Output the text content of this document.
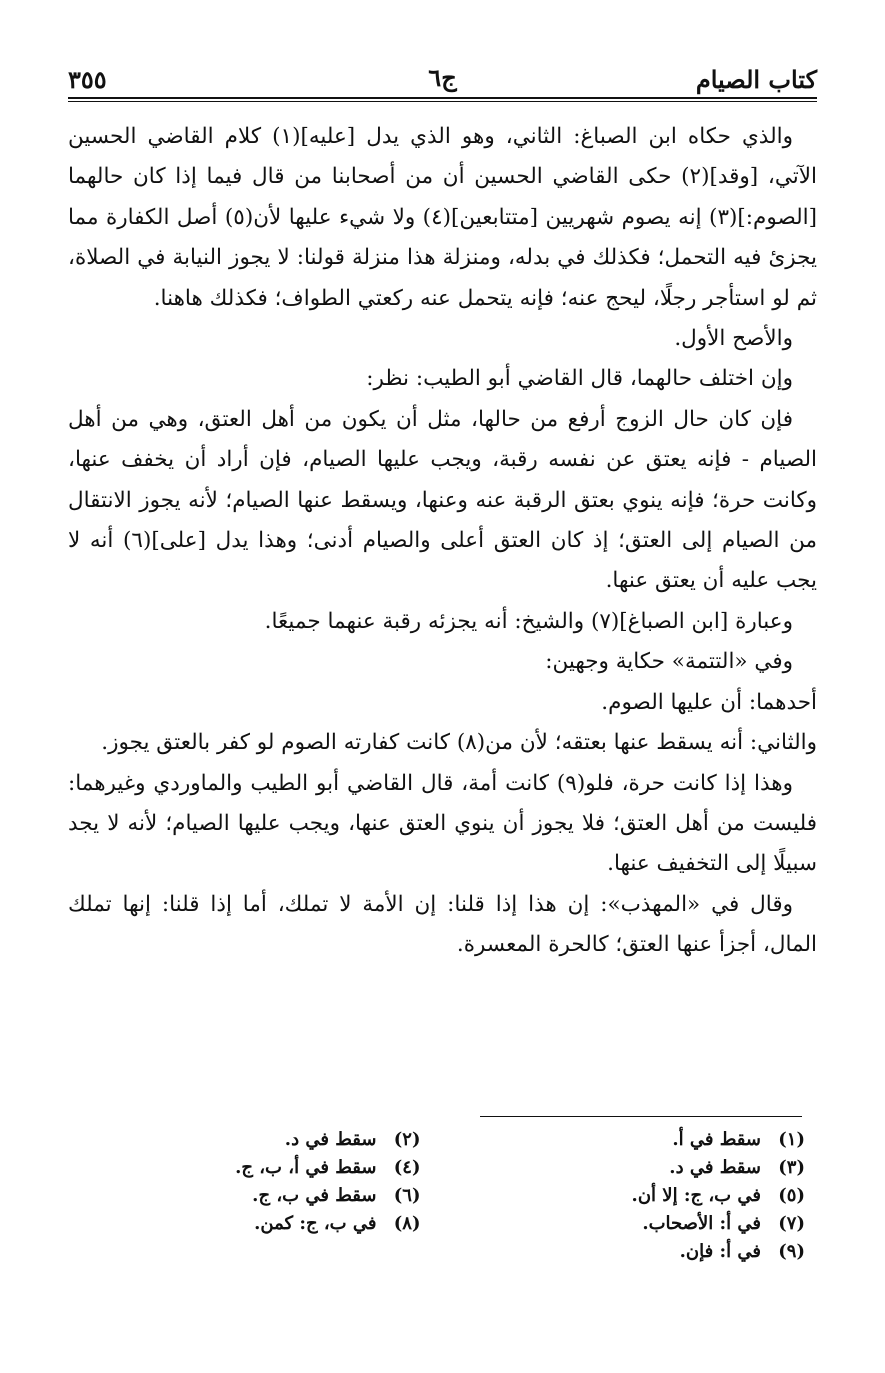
كتاب الصيام
ج٦
٣٥٥

والذي حكاه ابن الصباغ: الثاني، وهو الذي يدل [عليه](١) كلام القاضي الحسين الآتي، [وقد](٢) حكى القاضي الحسين أن من أصحابنا من قال فيما إذا كان حالهما [الصوم:](٣) إنه يصوم شهريين [متتابعين](٤) ولا شيء عليها لأن(٥) أصل الكفارة مما يجزئ فيه التحمل؛ فكذلك في بدله، ومنزلة هذا منزلة قولنا: لا يجوز النيابة في الصلاة، ثم لو استأجر رجلًا، ليحج عنه؛ فإنه يتحمل عنه ركعتي الطواف؛ فكذلك هاهنا.

والأصح الأول.

وإن اختلف حالهما، قال القاضي أبو الطيب: نظر:

فإن كان حال الزوج أرفع من حالها، مثل أن يكون من أهل العتق، وهي من أهل الصيام - فإنه يعتق عن نفسه رقبة، ويجب عليها الصيام، فإن أراد أن يخفف عنها، وكانت حرة؛ فإنه ينوي بعتق الرقبة عنه وعنها، ويسقط عنها الصيام؛ لأنه يجوز الانتقال من الصيام إلى العتق؛ إذ كان العتق أعلى والصيام أدنى؛ وهذا يدل [على](٦) أنه لا يجب عليه أن يعتق عنها.

وعبارة [ابن الصباغ](٧) والشيخ: أنه يجزئه رقبة عنهما جميعًا.

وفي «التتمة» حكاية وجهين:

أحدهما: أن عليها الصوم.

والثاني: أنه يسقط عنها بعتقه؛ لأن من(٨) كانت كفارته الصوم لو كفر بالعتق يجوز.

وهذا إذا كانت حرة، فلو(٩) كانت أمة، قال القاضي أبو الطيب والماوردي وغيرهما: فليست من أهل العتق؛ فلا يجوز أن ينوي العتق عنها، ويجب عليها الصيام؛ لأنه لا يجد سبيلًا إلى التخفيف عنها.

وقال في «المهذب»: إن هذا إذا قلنا: إن الأمة لا تملك، أما إذا قلنا: إنها تملك المال، أجزأ عنها العتق؛ كالحرة المعسرة.

(١)
سقط في أ.
(٢)
سقط في د.
(٣)
سقط في د.
(٤)
سقط في أ، ب، ج.
(٥)
في ب، ج: إلا أن.
(٦)
سقط في ب، ج.
(٧)
في أ: الأصحاب.
(٨)
في ب، ج: كمن.
(٩)
في أ: فإن.
